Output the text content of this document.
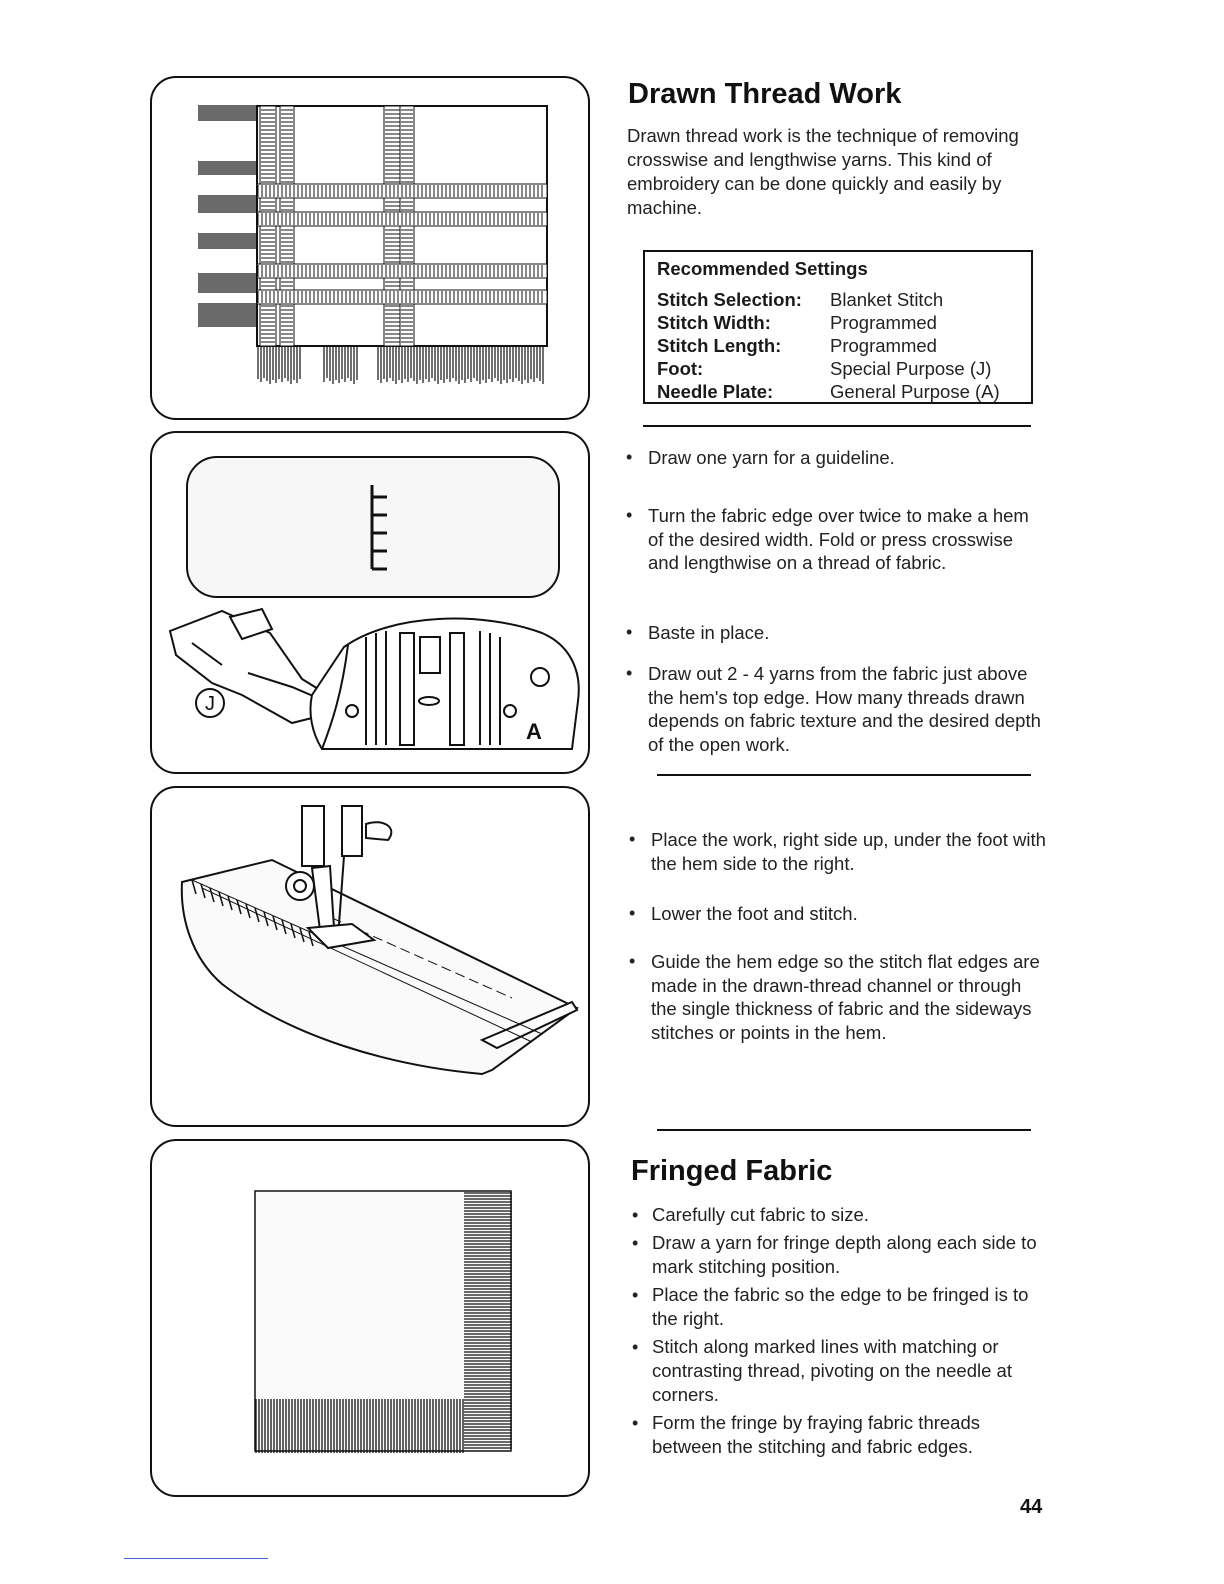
J
A
Drawn Thread Work

Drawn thread work is the technique of removing crosswise and lengthwise yarns. This kind of embroidery can be done quickly and easily by machine.

Recommended Settings
Stitch Selection:	Blanket Stitch
Stitch Width:	Programmed
Stitch Length:	Programmed
Foot:	Special Purpose (J)
Needle Plate:	General Purpose (A)
• Draw one yarn for a guideline.
• Turn the fabric edge over twice to make a hem of the desired width. Fold or press crosswise and lengthwise on a thread of fabric.
• Baste in place.
• Draw out 2 - 4 yarns from the fabric just above the hem's top edge. How many threads drawn depends on fabric texture and the desired depth of the open work.
• Place the work, right side up, under the foot with the hem side to the right.
• Lower the foot and stitch.
• Guide the hem edge so the stitch flat edges are made in the drawn-thread channel or through the single thickness of fabric and the sideways stitches or points in the hem.
Fringed Fabric
• Carefully cut fabric to size.
• Draw a yarn for fringe depth along each side to mark stitching position.
• Place the fabric so the edge to be fringed is to the right.
• Stitch along marked lines with matching or contrasting thread, pivoting on the needle at corners.
• Form the fringe by fraying fabric threads between the stitching and fabric edges.
44
